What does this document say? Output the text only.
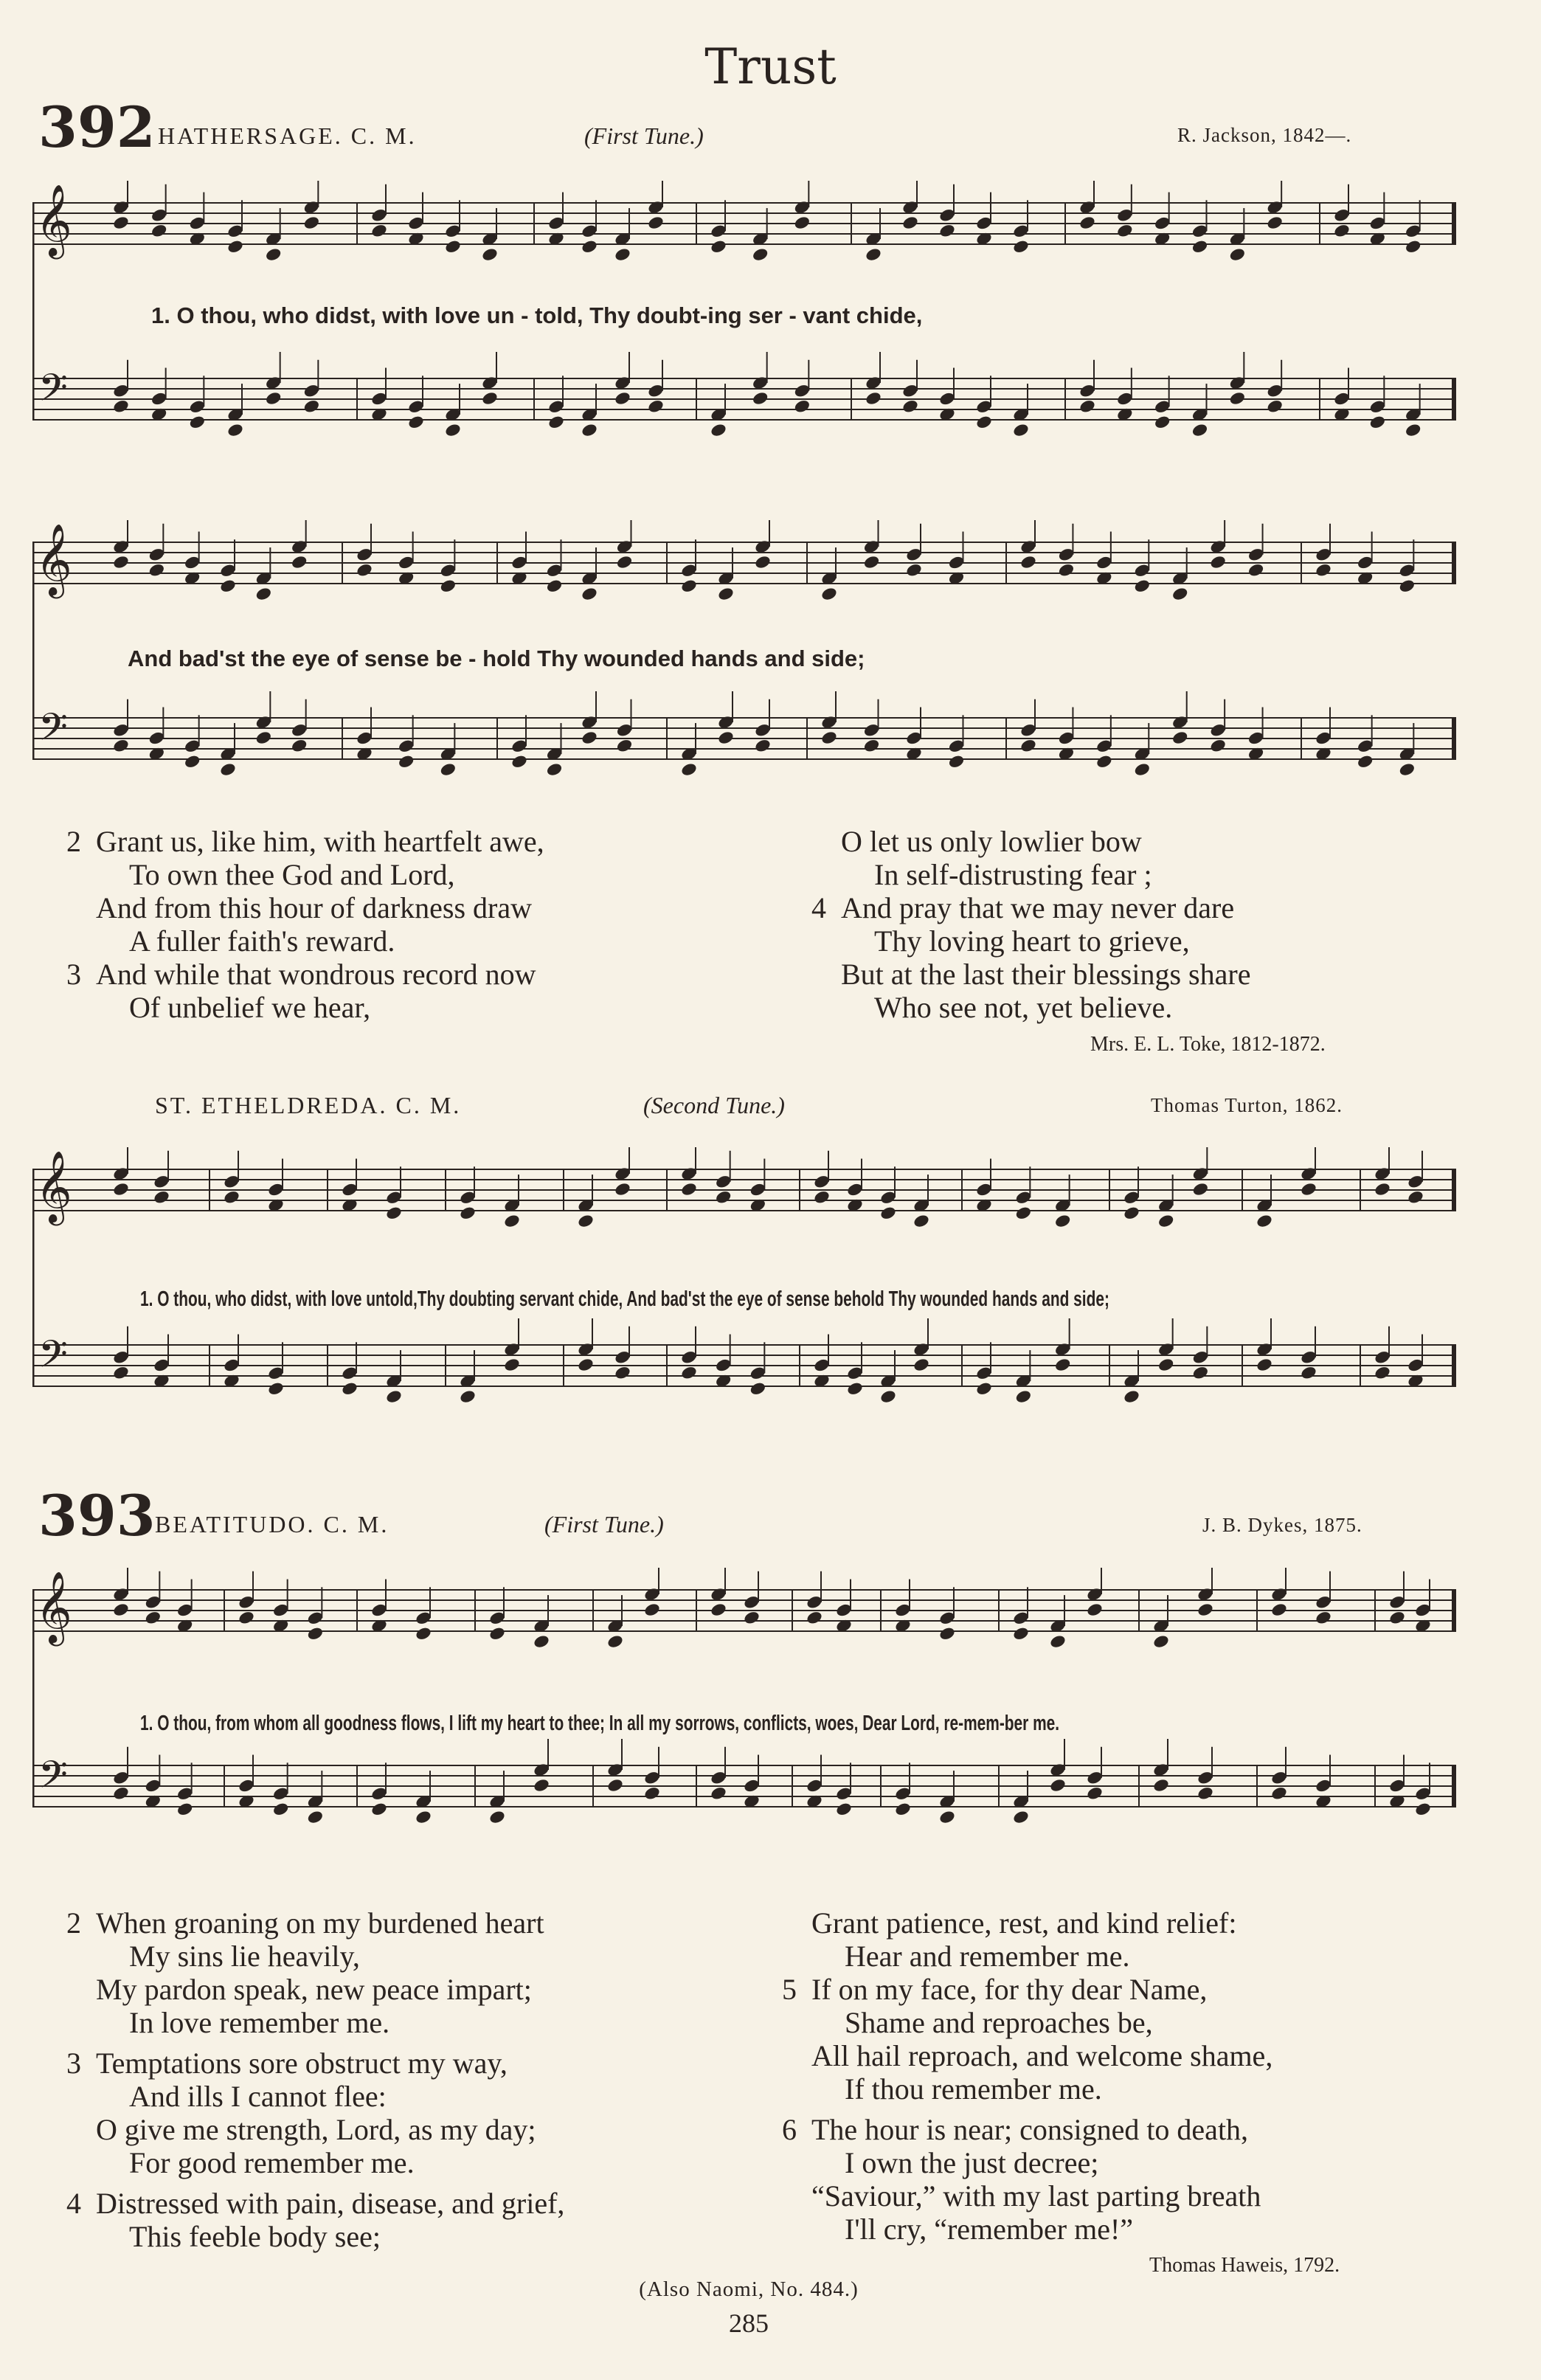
Trust
392 HATHERSAGE. C. M.	(First Tune.)	R. Jackson, 1842—.
𝄞
𝄢
1. O thou, who didst, with love un - told, Thy doubt-ing ser - vant chide,
𝄞
𝄢
And bad'st the eye of sense be - hold Thy wounded hands and side;
2 Grant us, like him, with heartfelt awe,
To own thee God and Lord,
And from this hour of darkness draw
A fuller faith's reward.
3 And while that wondrous record now
Of unbelief we hear,
O let us only lowlier bow
In self-distrusting fear ;
4 And pray that we may never dare
Thy loving heart to grieve,
But at the last their blessings share
Who see not, yet believe.
Mrs. E. L. Toke, 1812-1872.
ST. ETHELDREDA. C. M.	(Second Tune.)	Thomas Turton, 1862.
𝄞
𝄢
1. O thou, who didst, with love untold,Thy doubting servant chide, And bad'st the eye of sense behold Thy wounded hands and side;
393 BEATITUDO. C. M.	(First Tune.)	J. B. Dykes, 1875.
𝄞
𝄢
1. O thou, from whom all goodness flows, I lift my heart to thee; In all my sorrows, conflicts, woes, Dear Lord, re-mem-ber me.
2 When groaning on my burdened heart
My sins lie heavily,
My pardon speak, new peace impart;
In love remember me.
3 Temptations sore obstruct my way,
And ills I cannot flee:
O give me strength, Lord, as my day;
For good remember me.
4 Distressed with pain, disease, and grief,
This feeble body see;
Grant patience, rest, and kind relief:
Hear and remember me.
5 If on my face, for thy dear Name,
Shame and reproaches be,
All hail reproach, and welcome shame,
If thou remember me.
6 The hour is near; consigned to death,
I own the just decree;
“Saviour,” with my last parting breath
I'll cry, “remember me!”
Thomas Haweis, 1792.
(Also Naomi, No. 484.)
285
